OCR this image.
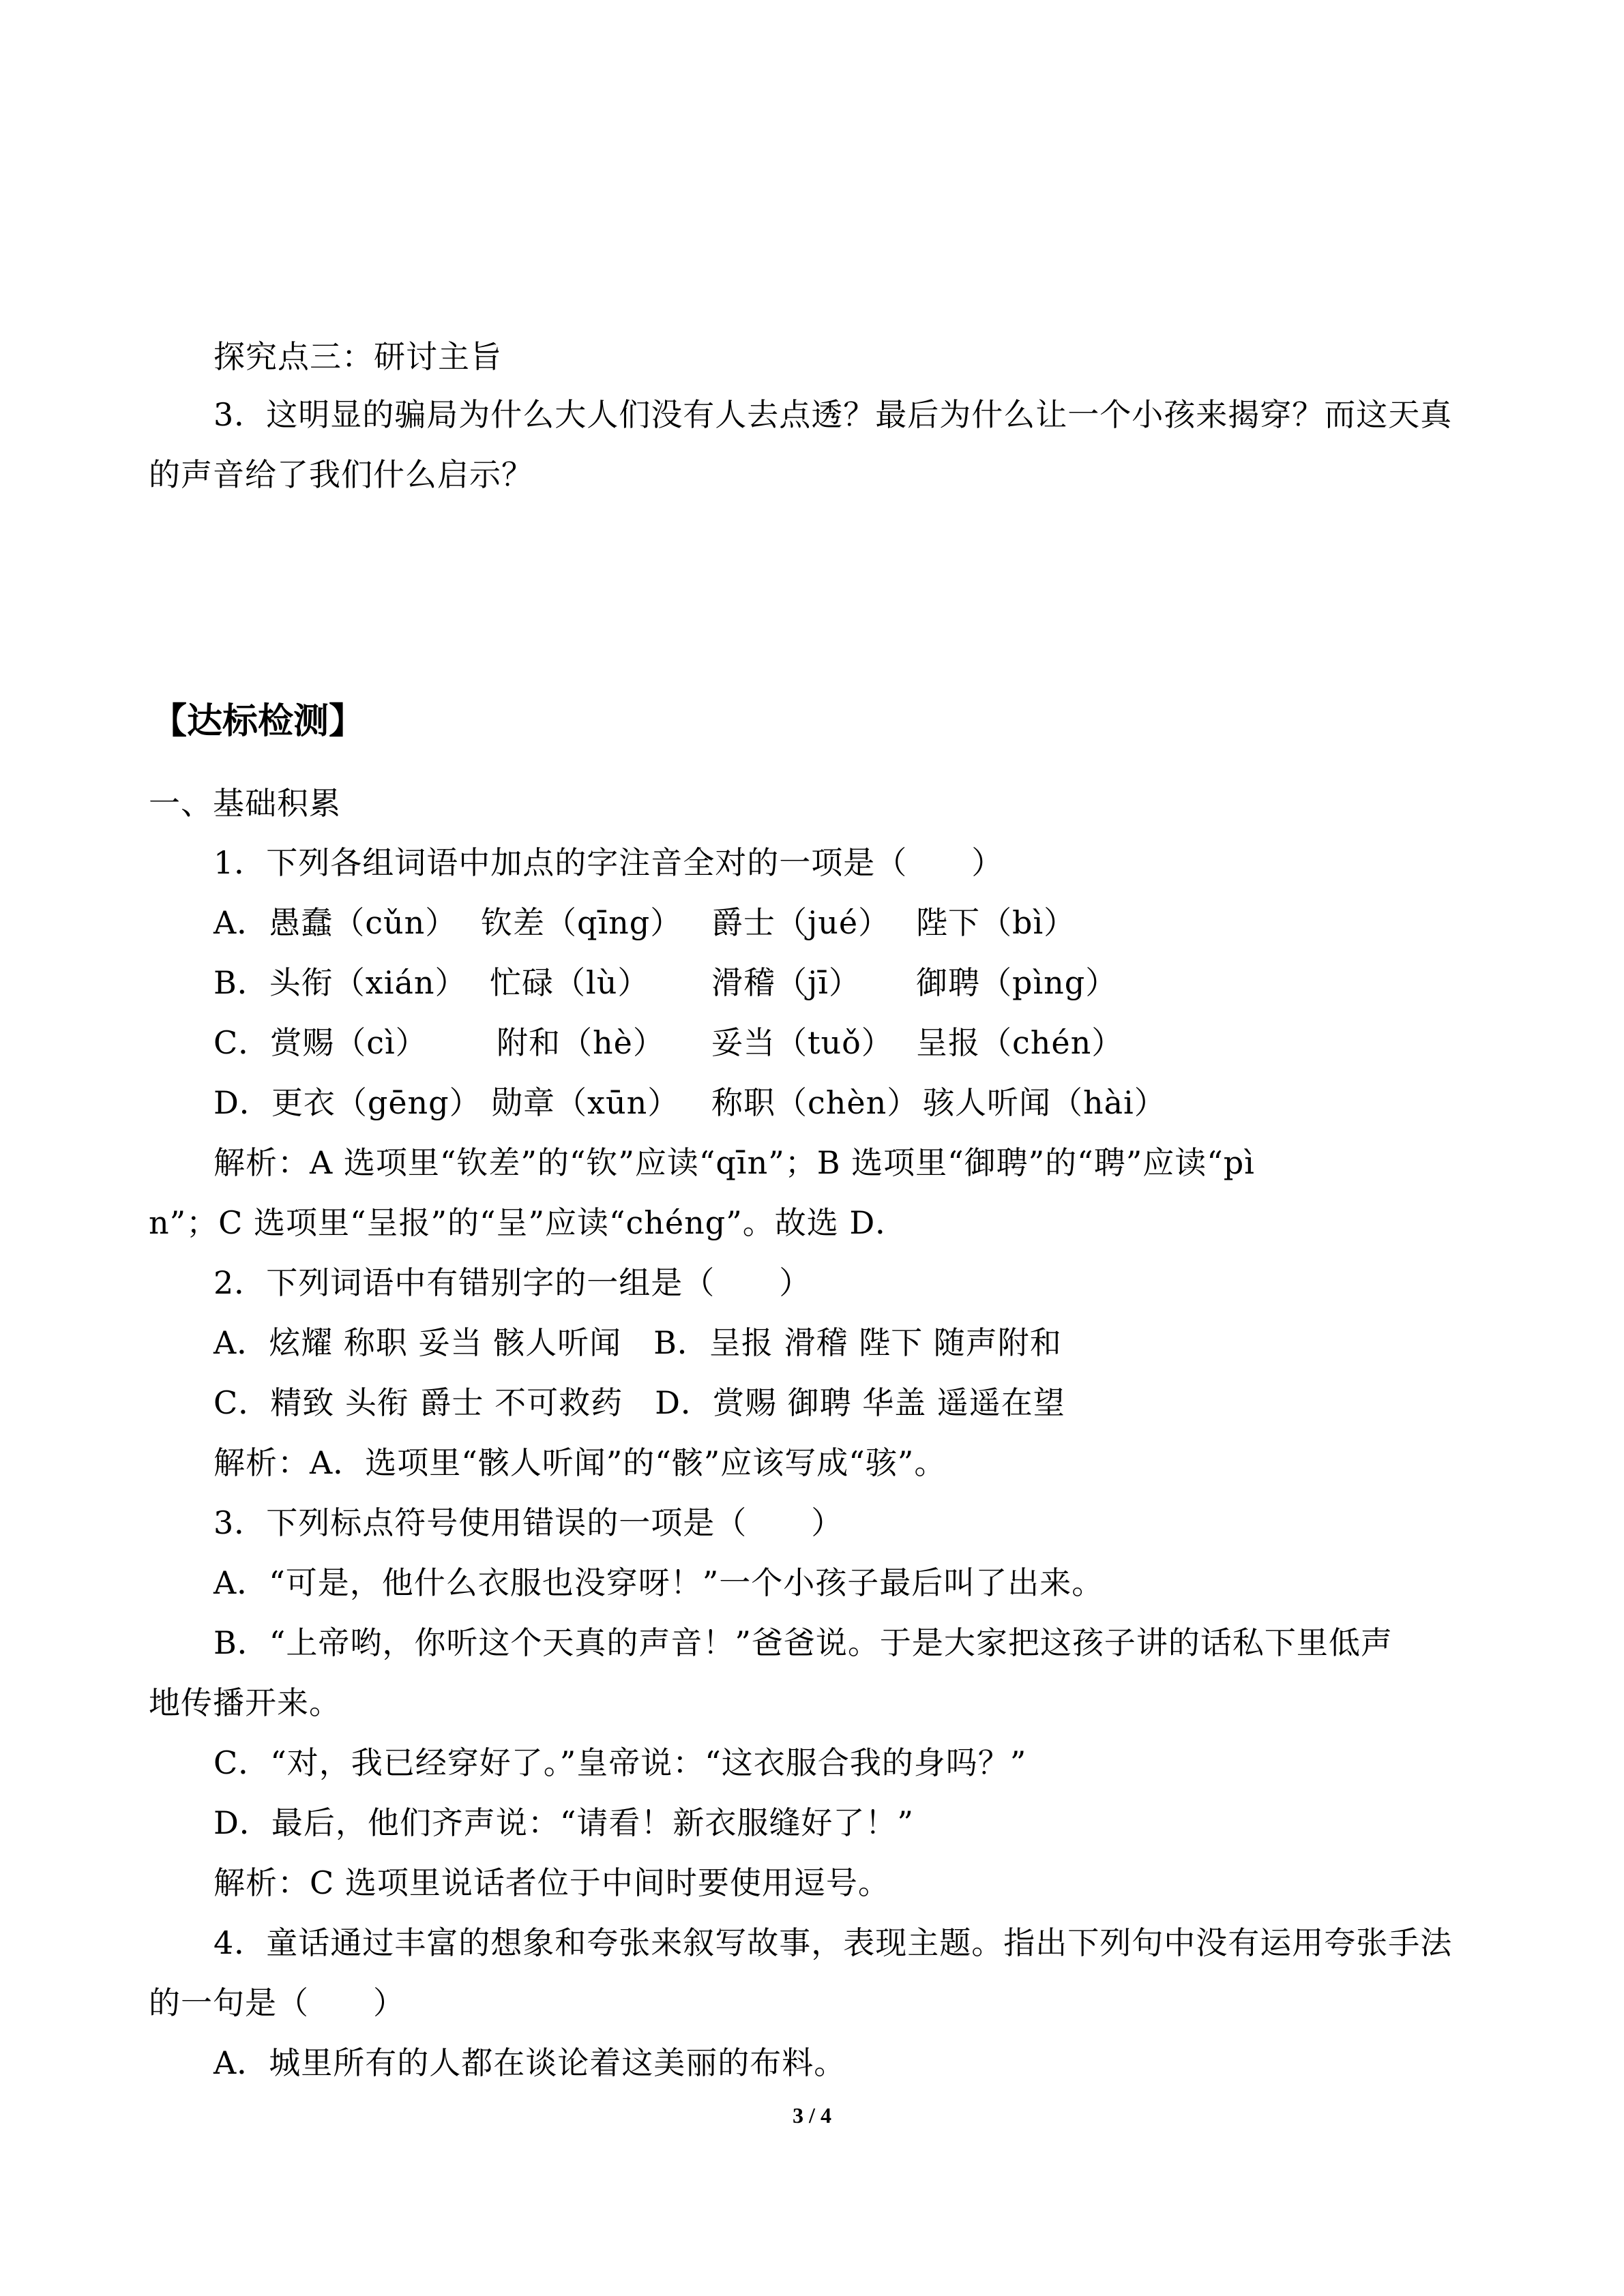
探究点三：研讨主旨
3．这明显的骗局为什么大人们没有人去点透？最后为什么让一个小孩来揭穿？而这天真
的声音给了我们什么启示？
【达标检测】
一、基础积累
1．下列各组词语中加点的字注音全对的一项是（　　）
A．愚蠢（cǔn） 钦差（qīng） 爵士（jué） 陛下（bì）
B．头衔（xián） 忙碌（lù） 滑稽（jī） 御聘（pìng）
C．赏赐（cì） 附和（hè） 妥当（tuǒ） 呈报（chén）
D．更衣（gēng） 勋章（xūn） 称职（chèn） 骇人听闻（hài）
解析：A 选项里“钦差”的“钦”应读“qīn”；B 选项里“御聘”的“聘”应读“pì
n”；C 选项里“呈报”的“呈”应读“chéng”。故选 D．
2．下列词语中有错别字的一组是（　　）
A．炫耀 称职 妥当 骸人听闻　B．呈报 滑稽 陛下 随声附和
C．精致 头衔 爵士 不可救药　D．赏赐 御聘 华盖 遥遥在望
解析：A．选项里“骸人听闻”的“骸”应该写成“骇”。
3．下列标点符号使用错误的一项是（　　）
A．“可是，他什么衣服也没穿呀！”一个小孩子最后叫了出来。
B．“上帝哟，你听这个天真的声音！”爸爸说。于是大家把这孩子讲的话私下里低声
地传播开来。
C．“对，我已经穿好了。”皇帝说：“这衣服合我的身吗？”
D．最后，他们齐声说：“请看！新衣服缝好了！”
解析：C 选项里说话者位于中间时要使用逗号。
4．童话通过丰富的想象和夸张来叙写故事，表现主题。指出下列句中没有运用夸张手法
的一句是（　　）
A．城里所有的人都在谈论着这美丽的布料。
3 / 4
